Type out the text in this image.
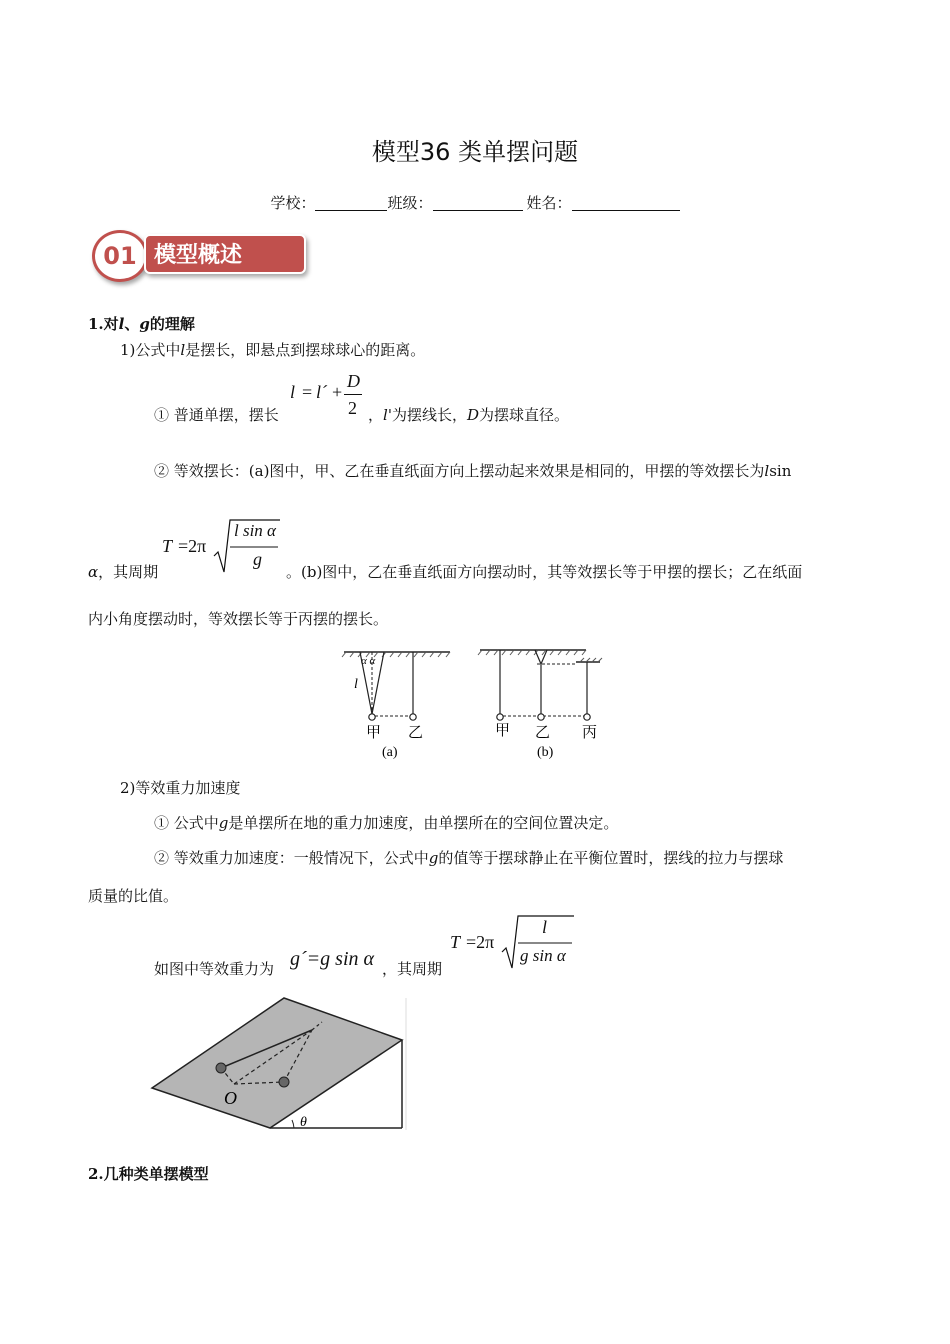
模型36 类单摆问题
学校：	班级：	姓名：
01 模型概述
1.对l、g的理解
1)公式中l是摆长，即悬点到摆球球心的距离。
l = l´ +
D
2
① 普通单摆，摆长	，l'为摆线长，D为摆球直径。
② 等效摆长：(a)图中，甲、乙在垂直纸面方向上摆动起来效果是相同的，甲摆的等效摆长为lsin
T =2π
l sin α
g
α，其周期	。(b)图中，乙在垂直纸面方向摆动时，其等效摆长等于甲摆的摆长；乙在纸面
内小角度摆动时，等效摆长等于丙摆的摆长。
α α
l
甲 乙
(a)
甲 乙 丙
(b)
2)等效重力加速度
① 公式中g是单摆所在地的重力加速度，由单摆所在的空间位置决定。
② 等效重力加速度：一般情况下，公式中g的值等于摆球静止在平衡位置时，摆线的拉力与摆球
质量的比值。
如图中等效重力为 g´=g sin α ，其周期
T =2π
l
g sin α
O
θ
2.几种类单摆模型
